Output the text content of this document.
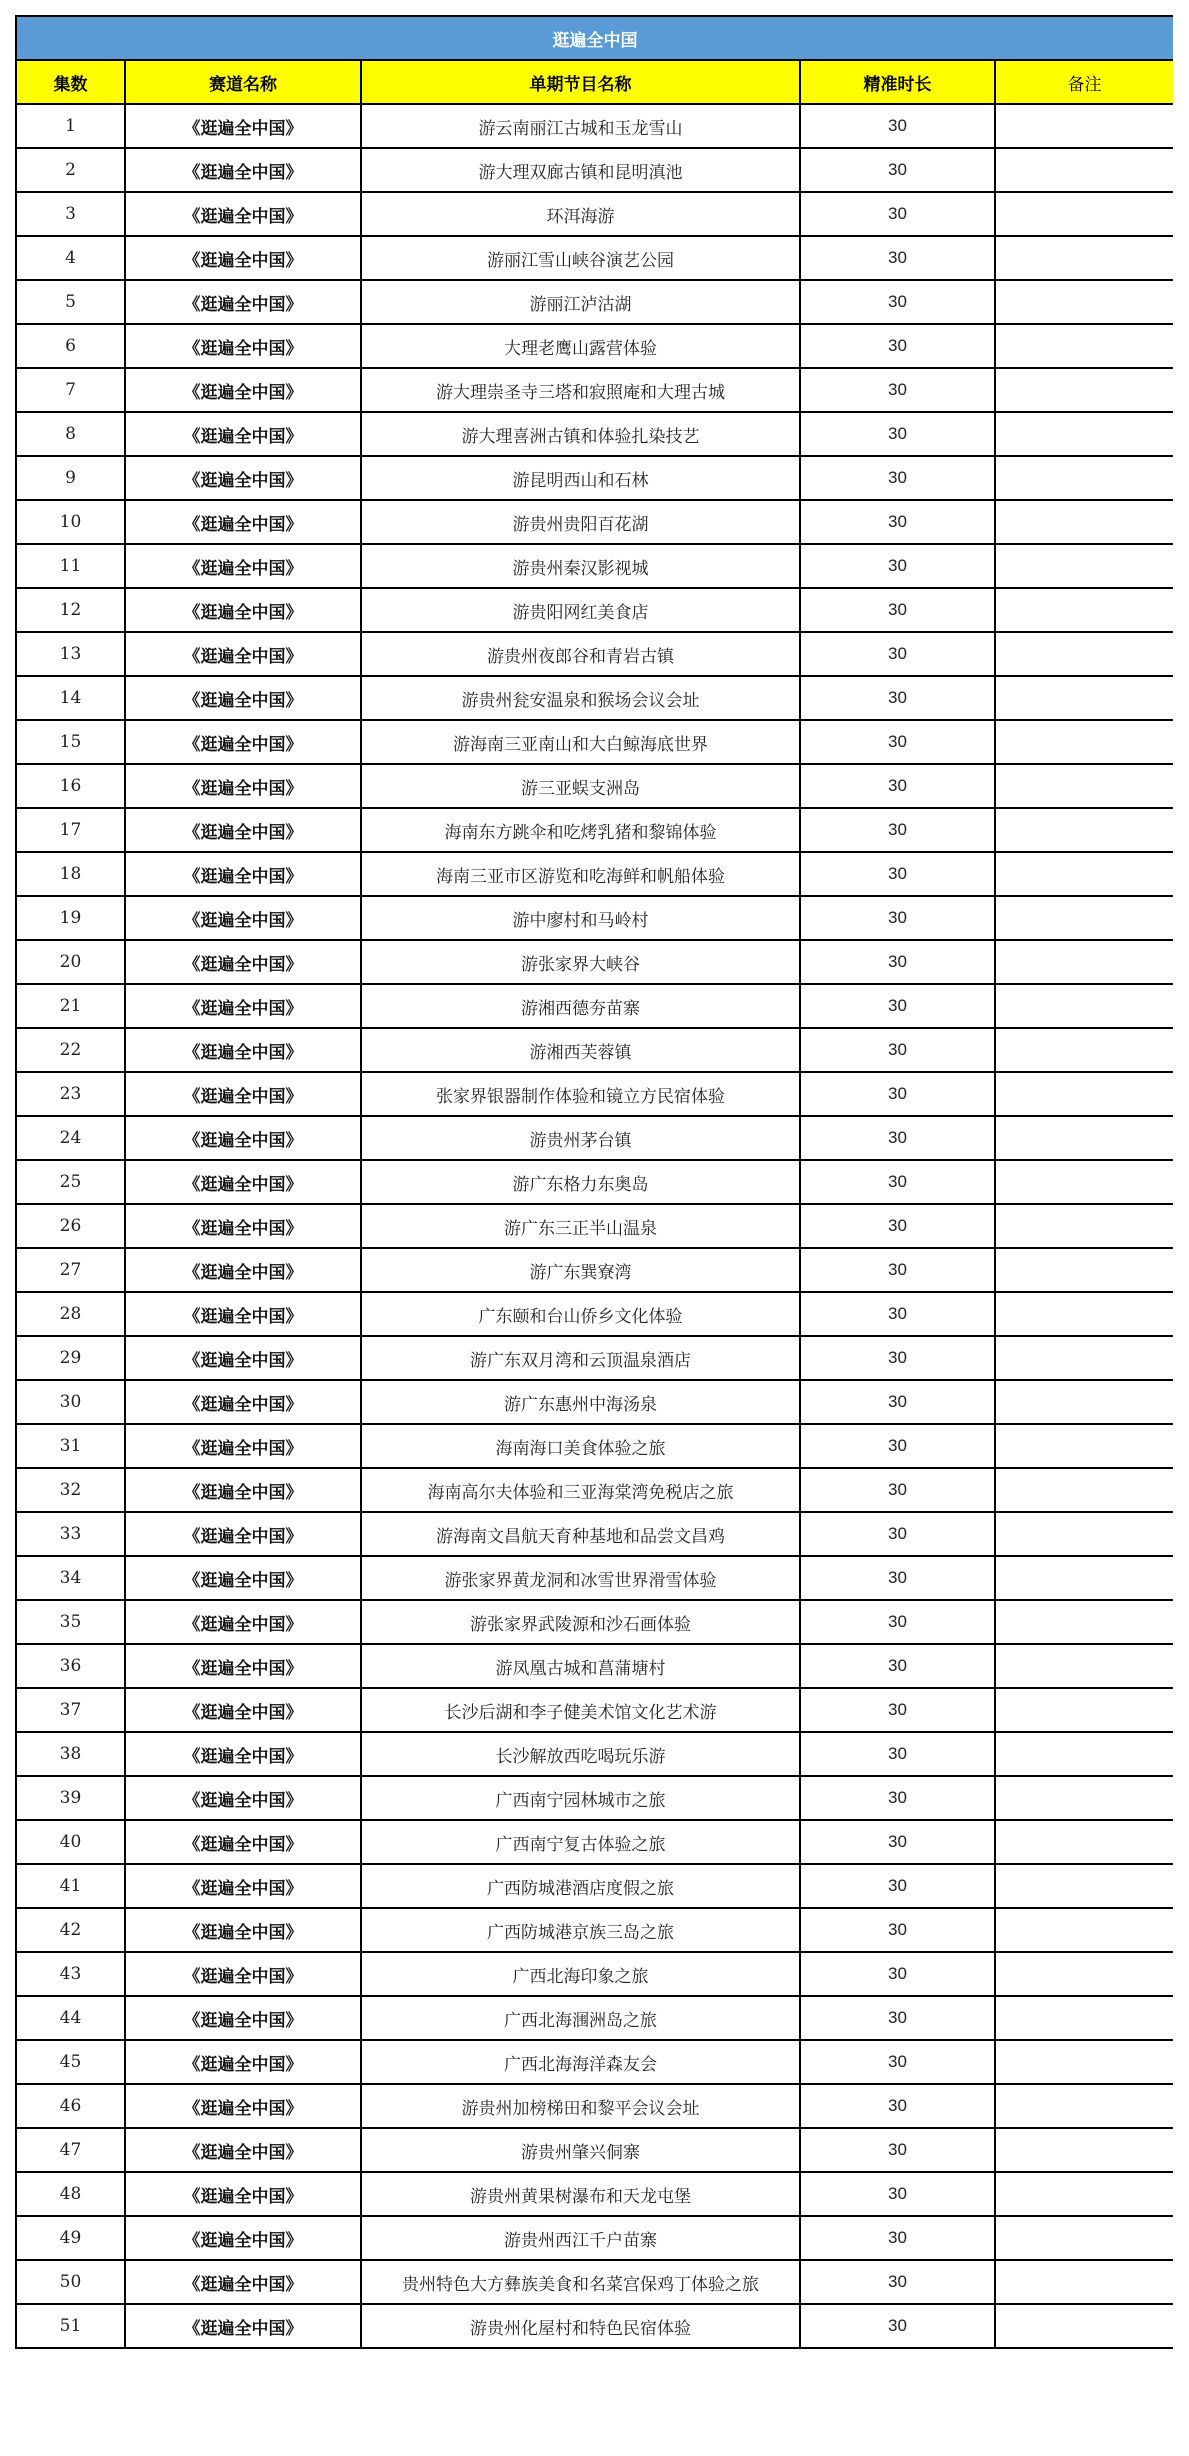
逛遍全中国				
集数	赛道名称	单期节目名称	精准时长	备注
1	《逛遍全中国》	游云南丽江古城和玉龙雪山	30	
2	《逛遍全中国》	游大理双廊古镇和昆明滇池	30	
3	《逛遍全中国》	环洱海游	30	
4	《逛遍全中国》	游丽江雪山峡谷演艺公园	30	
5	《逛遍全中国》	游丽江泸沽湖	30	
6	《逛遍全中国》	大理老鹰山露营体验	30	
7	《逛遍全中国》	游大理崇圣寺三塔和寂照庵和大理古城	30	
8	《逛遍全中国》	游大理喜洲古镇和体验扎染技艺	30	
9	《逛遍全中国》	游昆明西山和石林	30	
10	《逛遍全中国》	游贵州贵阳百花湖	30	
11	《逛遍全中国》	游贵州秦汉影视城	30	
12	《逛遍全中国》	游贵阳网红美食店	30	
13	《逛遍全中国》	游贵州夜郎谷和青岩古镇	30	
14	《逛遍全中国》	游贵州瓮安温泉和猴场会议会址	30	
15	《逛遍全中国》	游海南三亚南山和大白鲸海底世界	30	
16	《逛遍全中国》	游三亚蜈支洲岛	30	
17	《逛遍全中国》	海南东方跳伞和吃烤乳猪和黎锦体验	30	
18	《逛遍全中国》	海南三亚市区游览和吃海鲜和帆船体验	30	
19	《逛遍全中国》	游中廖村和马岭村	30	
20	《逛遍全中国》	游张家界大峡谷	30	
21	《逛遍全中国》	游湘西德夯苗寨	30	
22	《逛遍全中国》	游湘西芙蓉镇	30	
23	《逛遍全中国》	张家界银器制作体验和镜立方民宿体验	30	
24	《逛遍全中国》	游贵州茅台镇	30	
25	《逛遍全中国》	游广东格力东奥岛	30	
26	《逛遍全中国》	游广东三正半山温泉	30	
27	《逛遍全中国》	游广东巽寮湾	30	
28	《逛遍全中国》	广东颐和台山侨乡文化体验	30	
29	《逛遍全中国》	游广东双月湾和云顶温泉酒店	30	
30	《逛遍全中国》	游广东惠州中海汤泉	30	
31	《逛遍全中国》	海南海口美食体验之旅	30	
32	《逛遍全中国》	海南高尔夫体验和三亚海棠湾免税店之旅	30	
33	《逛遍全中国》	游海南文昌航天育种基地和品尝文昌鸡	30	
34	《逛遍全中国》	游张家界黄龙洞和冰雪世界滑雪体验	30	
35	《逛遍全中国》	游张家界武陵源和沙石画体验	30	
36	《逛遍全中国》	游凤凰古城和菖蒲塘村	30	
37	《逛遍全中国》	长沙后湖和李子健美术馆文化艺术游	30	
38	《逛遍全中国》	长沙解放西吃喝玩乐游	30	
39	《逛遍全中国》	广西南宁园林城市之旅	30	
40	《逛遍全中国》	广西南宁复古体验之旅	30	
41	《逛遍全中国》	广西防城港酒店度假之旅	30	
42	《逛遍全中国》	广西防城港京族三岛之旅	30	
43	《逛遍全中国》	广西北海印象之旅	30	
44	《逛遍全中国》	广西北海涠洲岛之旅	30	
45	《逛遍全中国》	广西北海海洋森友会	30	
46	《逛遍全中国》	游贵州加榜梯田和黎平会议会址	30	
47	《逛遍全中国》	游贵州肇兴侗寨	30	
48	《逛遍全中国》	游贵州黄果树瀑布和天龙屯堡	30	
49	《逛遍全中国》	游贵州西江千户苗寨	30	
50	《逛遍全中国》	贵州特色大方彝族美食和名菜宫保鸡丁体验之旅	30	
51	《逛遍全中国》	游贵州化屋村和特色民宿体验	30	
